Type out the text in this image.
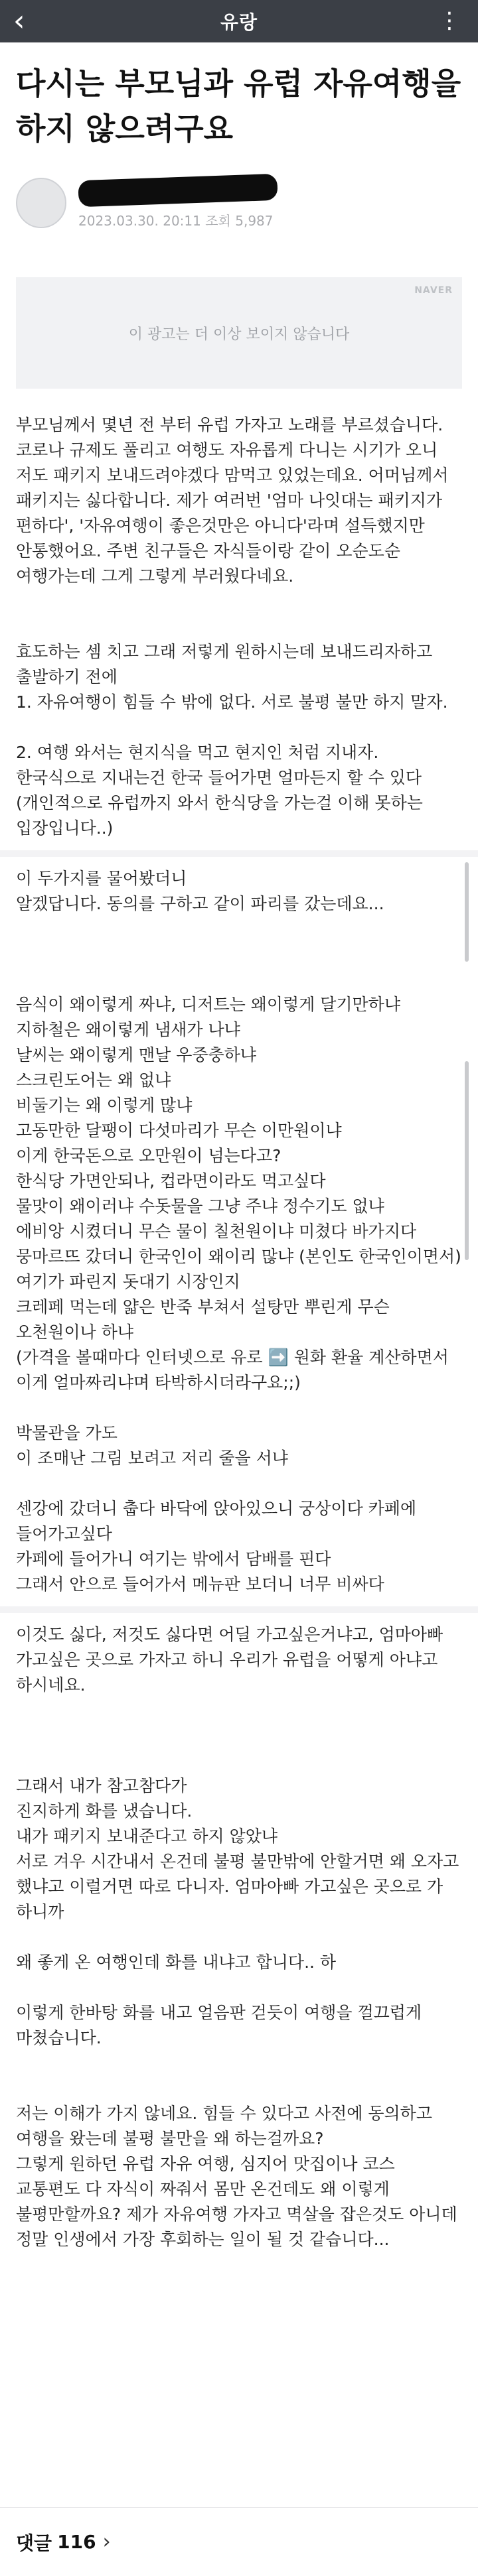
‹	유랑	⋮
다시는 부모님과 유럽 자유여행을 하지 않으려구요
2023.03.30. 20:11 조회 5,987
NAVER
이 광고는 더 이상 보이지 않습니다
부모님께서 몇년 전 부터 유럽 가자고 노래를 부르셨습니다.
코로나 규제도 풀리고 여행도 자유롭게 다니는 시기가 오니 저도 패키지 보내드려야겠다 맘먹고 있었는데요. 어머님께서 패키지는 싫다합니다. 제가 여러번 '엄마 나잇대는 패키지가 편하다', '자유여행이 좋은것만은 아니다'라며 설득했지만 안통했어요. 주변 친구들은 자식들이랑 같이 오순도순 여행가는데 그게 그렇게 부러웠다네요.
효도하는 셈 치고 그래 저렇게 원하시는데 보내드리자하고 출발하기 전에
1. 자유여행이 힘들 수 밖에 없다. 서로 불평 불만 하지 말자.
2. 여행 와서는 현지식을 먹고 현지인 처럼 지내자.
한국식으로 지내는건 한국 들어가면 얼마든지 할 수 있다 (개인적으로 유럽까지 와서 한식당을 가는걸 이해 못하는 입장입니다..)
이 두가지를 물어봤더니
알겠답니다. 동의를 구하고 같이 파리를 갔는데요...
음식이 왜이렇게 짜냐, 디저트는 왜이렇게 달기만하냐
지하철은 왜이렇게 냄새가 나냐
날씨는 왜이렇게 맨날 우중충하냐
스크린도어는 왜 없냐
비둘기는 왜 이렇게 많냐
고동만한 달팽이 다섯마리가 무슨 이만원이냐
이게 한국돈으로 오만원이 넘는다고?
한식당 가면안되나, 컵라면이라도 먹고싶다
물맛이 왜이러냐 수돗물을 그냥 주냐 정수기도 없냐
에비앙 시켰더니 무슨 물이 칠천원이냐 미쳤다 바가지다
뭉마르뜨 갔더니 한국인이 왜이리 많냐 (본인도 한국인이면서) 여기가 파린지 돗대기 시장인지
크레페 먹는데 얇은 반죽 부쳐서 설탕만 뿌린게 무슨 오천원이나 하냐
(가격을 볼때마다 인터넷으로 유로 ➡️ 원화 환율 계산하면서 이게 얼마짜리냐며 타박하시더라구요;;)
박물관을 가도
이 조매난 그림 보려고 저리 줄을 서냐
센강에 갔더니 춥다 바닥에 앉아있으니 궁상이다 카페에 들어가고싶다
카페에 들어가니 여기는 밖에서 담배를 핀다
그래서 안으로 들어가서 메뉴판 보더니 너무 비싸다
이것도 싫다, 저것도 싫다면 어딜 가고싶은거냐고, 엄마아빠 가고싶은 곳으로 가자고 하니 우리가 유럽을 어떻게 아냐고 하시네요.
그래서 내가 참고참다가
진지하게 화를 냈습니다.
내가 패키지 보내준다고 하지 않았냐
서로 겨우 시간내서 온건데 불평 불만밖에 안할거면 왜 오자고 했냐고 이럴거면 따로 다니자. 엄마아빠 가고싶은 곳으로 가 하니까
왜 좋게 온 여행인데 화를 내냐고 합니다.. 하
이렇게 한바탕 화를 내고 얼음판 걷듯이 여행을 껄끄럽게 마쳤습니다.
저는 이해가 가지 않네요. 힘들 수 있다고 사전에 동의하고 여행을 왔는데 불평 불만을 왜 하는걸까요?
그렇게 원하던 유럽 자유 여행, 심지어 맛집이나 코스 교통편도 다 자식이 짜줘서 몸만 온건데도 왜 이렇게 불평만할까요? 제가 자유여행 가자고 멱살을 잡은것도 아니데
정말 인생에서 가장 후회하는 일이 될 것 같습니다...
댓글 116 ›
